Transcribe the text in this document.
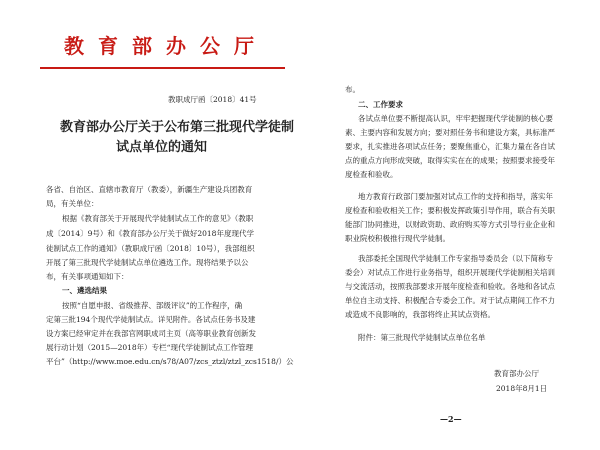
教育部办公厅
教职成厅函〔2018〕41号
教育部办公厅关于公布第三批现代学徒制
试点单位的通知
各省、自治区、直辖市教育厅（教委），新疆生产建设兵团教育
局，有关单位：
根据《教育部关于开展现代学徒制试点工作的意见》（教职
成〔2014〕9号）和《教育部办公厅关于做好2018年度现代学
徒制试点工作的通知》（教职成厅函〔2018〕10号），我部组织
开展了第三批现代学徒制试点单位遴选工作。现将结果予以公
布，有关事项通知如下：
一、遴选结果
按照“自愿申报、省级推荐、部级评议”的工作程序，确
定第三批194个现代学徒制试点。详见附件。各试点任务书及建
设方案已经审定并在我部官网职成司主页（高等职业教育创新发
展行动计划（2015—2018年）专栏“现代学徒制试点工作管理
平台”（http://www.moe.edu.cn/s78/A07/zcs_ztzl/ztzl_zcs1518/）公
布。
二、工作要求
各试点单位要不断提高认识，牢牢把握现代学徒制的核心要
素、主要内容和发展方向；要对照任务书和建设方案，具标准严
要求，扎实推进各项试点任务；要聚焦重心，汇集力量在各自试
点的重点方向形成突破，取得实实在在的成果；按照要求接受年
度检查和验收。
地方教育行政部门要加强对试点工作的支持和指导，落实年
度检查和验收相关工作；要积极发挥政策引导作用，联合有关职
能部门协同推进，以财政资助、政府购买等方式引导行业企业和
职业院校积极推行现代学徒制。
我部委托全国现代学徒制工作专家指导委员会（以下简称专
委会）对试点工作进行业务指导，组织开展现代学徒制相关培训
与交流活动，按照我部要求开展年度检查和验收。各地和各试点
单位自主动支持、积极配合专委会工作。对于试点期间工作不力
或造成不良影响的，我部将终止其试点资格。
附件：第三批现代学徒制试点单位名单
教育部办公厅
2018年8月1日
—2—
